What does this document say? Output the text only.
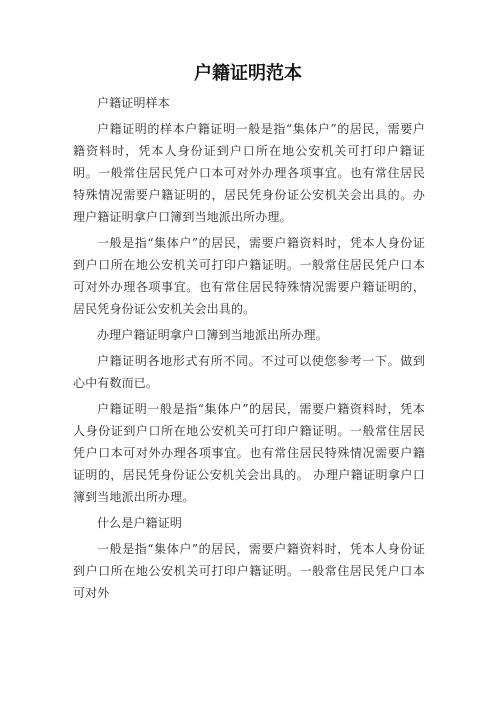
户籍证明范本

户籍证明样本

户籍证明的样本户籍证明一般是指“集体户”的居民，需要户籍资料时，凭本人身份证到户口所在地公安机关可打印户籍证明。一般常住居民凭户口本可对外办理各项事宜。也有常住居民特殊情况需要户籍证明的，居民凭身份证公安机关会出具的。办理户籍证明拿户口簿到当地派出所办理。

一般是指“集体户”的居民，需要户籍资料时，凭本人身份证到户口所在地公安机关可打印户籍证明。一般常住居民凭户口本可对外办理各项事宜。也有常住居民特殊情况需要户籍证明的，居民凭身份证公安机关会出具的。

办理户籍证明拿户口簿到当地派出所办理。

户籍证明各地形式有所不同。不过可以使您参考一下。做到心中有数而已。

户籍证明一般是指“集体户”的居民，需要户籍资料时，凭本人身份证到户口所在地公安机关可打印户籍证明。一般常住居民凭户口本可对外办理各项事宜。也有常住居民特殊情况需要户籍证明的，居民凭身份证公安机关会出具的。 办理户籍证明拿户口簿到当地派出所办理。

什么是户籍证明

一般是指“集体户”的居民，需要户籍资料时，凭本人身份证到户口所在地公安机关可打印户籍证明。一般常住居民凭户口本可对外
